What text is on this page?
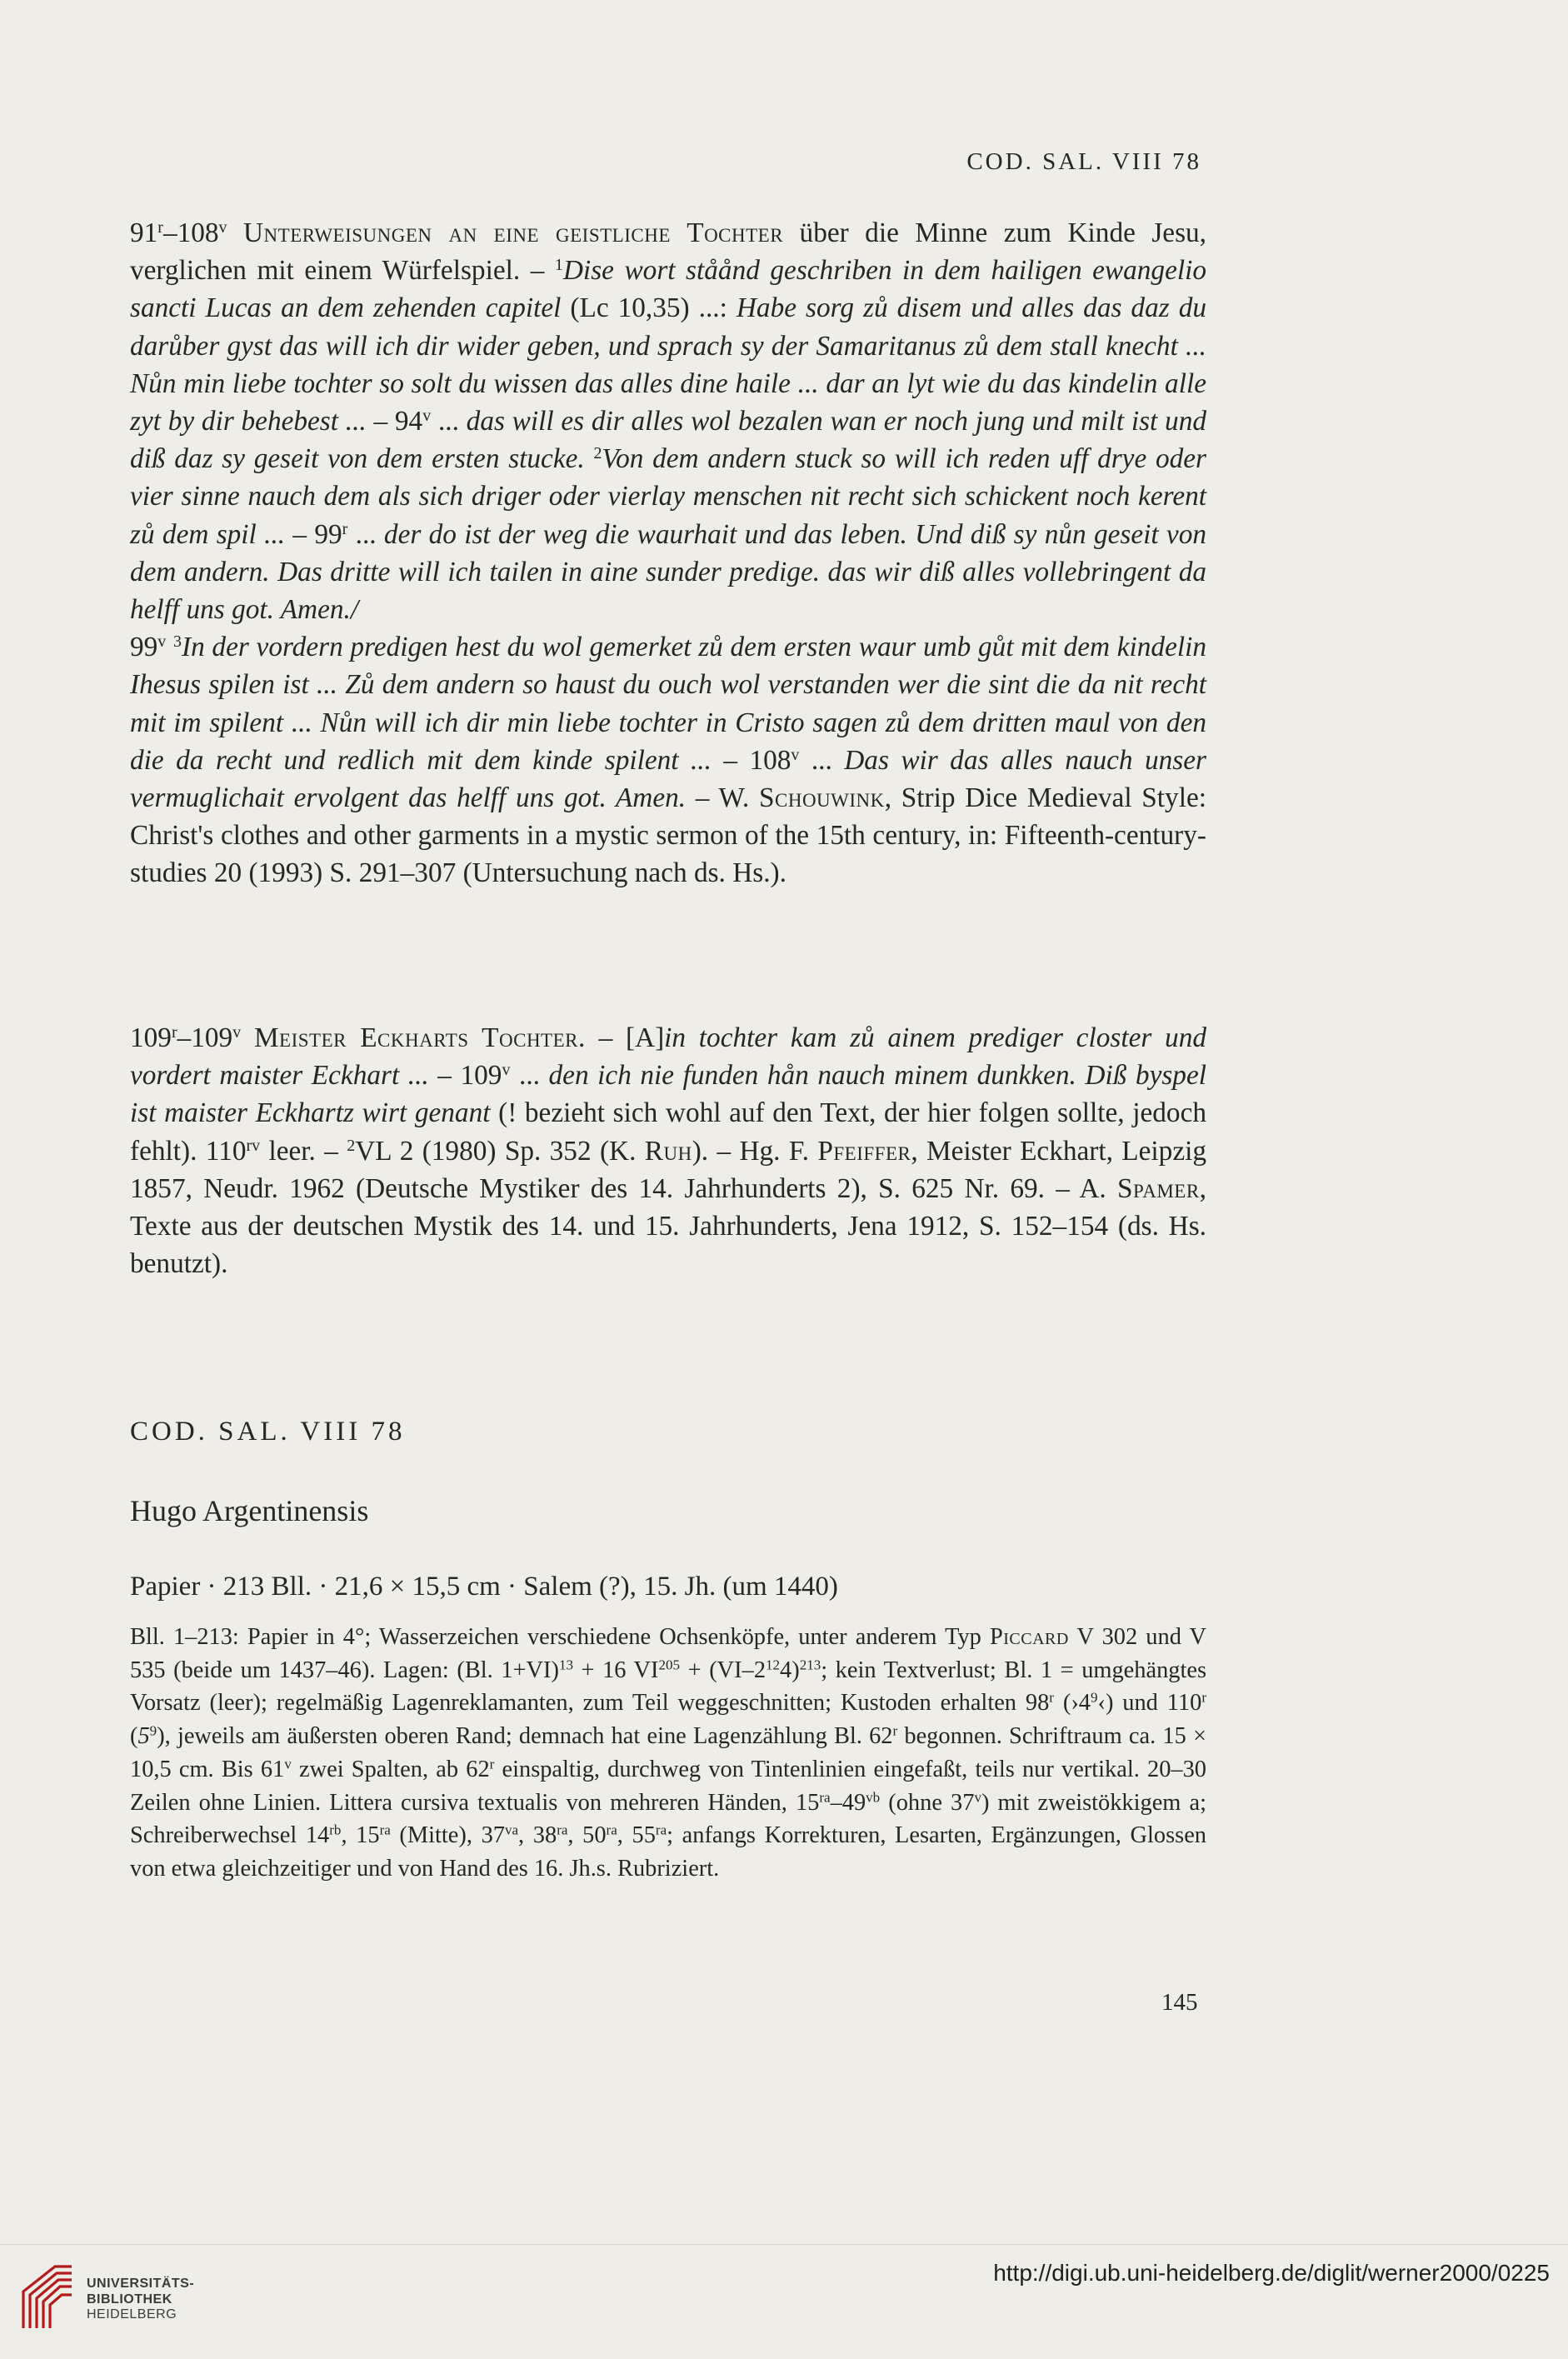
COD. SAL. VIII 78

91$^r$–108$^v$ Unterweisungen an eine geistliche Tochter über die Minne zum Kinde Jesu, verglichen mit einem Würfelspiel. – $^1$Dise wort ståånd geschriben in dem hailigen ewangelio sancti Lucas an dem zehenden capitel (Lc 10,35) ...: Habe sorg zů disem und alles das daz du darůber gyst das will ich dir wider geben, und sprach sy der Samaritanus zů dem stall knecht ... Nůn min liebe tochter so solt du wissen das alles dine haile ... dar an lyt wie du das kindelin alle zyt by dir behebest ... – 94$^v$ ... das will es dir alles wol bezalen wan er noch jung und milt ist und diß daz sy geseit von dem ersten stucke. $^2$Von dem andern stuck so will ich reden uff drye oder vier sinne nauch dem als sich driger oder vierlay menschen nit recht sich schickent noch kerent zů dem spil ... – 99$^r$ ... der do ist der weg die waurhait und das leben. Und diß sy nůn geseit von dem andern. Das dritte will ich tailen in aine sunder predige. das wir diß alles vollebringent da helff uns got. Amen./
99$^v$ $^3$In der vordern predigen hest du wol gemerket zů dem ersten waur umb gůt mit dem kindelin Ihesus spilen ist ... Zů dem andern so haust du ouch wol verstanden wer die sint die da nit recht mit im spilent ... Nůn will ich dir min liebe tochter in Cristo sagen zů dem dritten maul von den die da recht und redlich mit dem kinde spilent ... – 108$^v$ ... Das wir das alles nauch unser vermuglichait ervolgent das helff uns got. Amen. – W. Schouwink, Strip Dice Medieval Style: Christ's clothes and other garments in a mystic sermon of the 15th century, in: Fifteenth-century-studies 20 (1993) S. 291–307 (Untersuchung nach ds. Hs.).

109$^r$–109$^v$ Meister Eckharts Tochter. – [A]in tochter kam zů ainem prediger closter und vordert maister Eckhart ... – 109$^v$ ... den ich nie funden hån nauch minem dunkken. Diß byspel ist maister Eckhartz wirt genant (! bezieht sich wohl auf den Text, der hier folgen sollte, jedoch fehlt). $110^{rv}$ leer. – $^2$VL 2 (1980) Sp. 352 (K. Ruh). – Hg. F. Pfeiffer, Meister Eckhart, Leipzig 1857, Neudr. 1962 (Deutsche Mystiker des 14. Jahrhunderts 2), S. 625 Nr. 69. – A. Spamer, Texte aus der deutschen Mystik des 14. und 15. Jahrhunderts, Jena 1912, S. 152–154 (ds. Hs. benutzt).

COD. SAL. VIII 78
Hugo Argentinensis
Papier · 213 Bll. · 21,6 × 15,5 cm · Salem (?), 15. Jh. (um 1440)

Bll. 1–213: Papier in 4°; Wasserzeichen verschiedene Ochsenköpfe, unter anderem Typ Piccard V 302 und V 535 (beide um 1437–46). Lagen: (Bl. 1+VI)$^{13}$ + 16 $VI^{205} + (VI-2^{12}4)^{213}$; kein Textverlust; Bl. 1 = umgehängtes Vorsatz (leer); regelmäßig Lagenreklamanten, zum Teil weggeschnitten; Kustoden erhalten 98$^r$ $(›4^9‹)$ und 110$^r$ $(5^9)$, jeweils am äußersten oberen Rand; demnach hat eine Lagenzählung Bl. 62$^r$ begonnen. Schriftraum ca. 15 × 10,5 cm. Bis 61$^v$ zwei Spalten, ab 62$^r$ einspaltig, durchweg von Tintenlinien eingefaßt, teils nur vertikal. 20–30 Zeilen ohne Linien. Littera cursiva textualis von mehreren Händen, $15^{ra}-49^{vb}$ (ohne 37$^v$) mit zweistökkigem a; Schreiberwechsel $14^{rb}$, $15^{ra}$ (Mitte), $37^{va}$, $38^{ra}$, $50^{ra}$, $55^{ra}$; anfangs Korrekturen, Lesarten, Ergänzungen, Glossen von etwa gleichzeitiger und von Hand des 16. Jh.s. Rubriziert.

145
UNIVERSITÄTS-
BIBLIOTHEK
HEIDELBERG
http://digi.ub.uni-heidelberg.de/diglit/werner2000/0225
